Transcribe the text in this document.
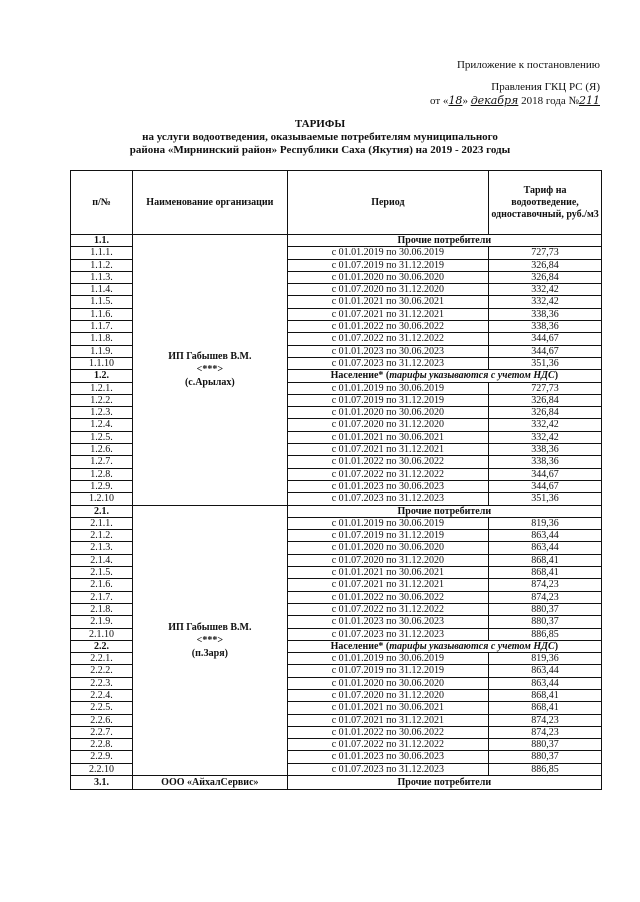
Приложение к постановлению
Правления ГКЦ РС (Я)
от «18» декабря 2018 года №211
ТАРИФЫ
на услуги водоотведения, оказываемые потребителям муниципального
района «Мирнинский район» Республики Саха (Якутия) на 2019 - 2023 годы
п/№	Наименование организации	Период	Тариф на водоотведение, одноставочный, руб./м3
1.1.	ИП Габышев В.М.
<***>
(с.Арылах)	Прочие потребители
1.1.1.	с 01.01.2019 по 30.06.2019	727,73
1.1.2.	с 01.07.2019 по 31.12.2019	326,84
1.1.3.	с 01.01.2020 по 30.06.2020	326,84
1.1.4.	с 01.07.2020 по 31.12.2020	332,42
1.1.5.	с 01.01.2021 по 30.06.2021	332,42
1.1.6.	с 01.07.2021 по 31.12.2021	338,36
1.1.7.	с 01.01.2022 по 30.06.2022	338,36
1.1.8.	с 01.07.2022 по 31.12.2022	344,67
1.1.9.	с 01.01.2023 по 30.06.2023	344,67
1.1.10	с 01.07.2023 по 31.12.2023	351,36
1.2.	Население* (тарифы указываются с учетом НДС)
1.2.1.	с 01.01.2019 по 30.06.2019	727,73
1.2.2.	с 01.07.2019 по 31.12.2019	326,84
1.2.3.	с 01.01.2020 по 30.06.2020	326,84
1.2.4.	с 01.07.2020 по 31.12.2020	332,42
1.2.5.	с 01.01.2021 по 30.06.2021	332,42
1.2.6.	с 01.07.2021 по 31.12.2021	338,36
1.2.7.	с 01.01.2022 по 30.06.2022	338,36
1.2.8.	с 01.07.2022 по 31.12.2022	344,67
1.2.9.	с 01.01.2023 по 30.06.2023	344,67
1.2.10	с 01.07.2023 по 31.12.2023	351,36
2.1.	ИП Габышев В.М.
<***>
(п.Заря)	Прочие потребители
2.1.1.	с 01.01.2019 по 30.06.2019	819,36
2.1.2.	с 01.07.2019 по 31.12.2019	863,44
2.1.3.	с 01.01.2020 по 30.06.2020	863,44
2.1.4.	с 01.07.2020 по 31.12.2020	868,41
2.1.5.	с 01.01.2021 по 30.06.2021	868,41
2.1.6.	с 01.07.2021 по 31.12.2021	874,23
2.1.7.	с 01.01.2022 по 30.06.2022	874,23
2.1.8.	с 01.07.2022 по 31.12.2022	880,37
2.1.9.	с 01.01.2023 по 30.06.2023	880,37
2.1.10	с 01.07.2023 по 31.12.2023	886,85
2.2.	Население* (тарифы указываются с учетом НДС)
2.2.1.	с 01.01.2019 по 30.06.2019	819,36
2.2.2.	с 01.07.2019 по 31.12.2019	863,44
2.2.3.	с 01.01.2020 по 30.06.2020	863,44
2.2.4.	с 01.07.2020 по 31.12.2020	868,41
2.2.5.	с 01.01.2021 по 30.06.2021	868,41
2.2.6.	с 01.07.2021 по 31.12.2021	874,23
2.2.7.	с 01.01.2022 по 30.06.2022	874,23
2.2.8.	с 01.07.2022 по 31.12.2022	880,37
2.2.9.	с 01.01.2023 по 30.06.2023	880,37
2.2.10	с 01.07.2023 по 31.12.2023	886,85
3.1.	ООО «АйхалСервис»	Прочие потребители
